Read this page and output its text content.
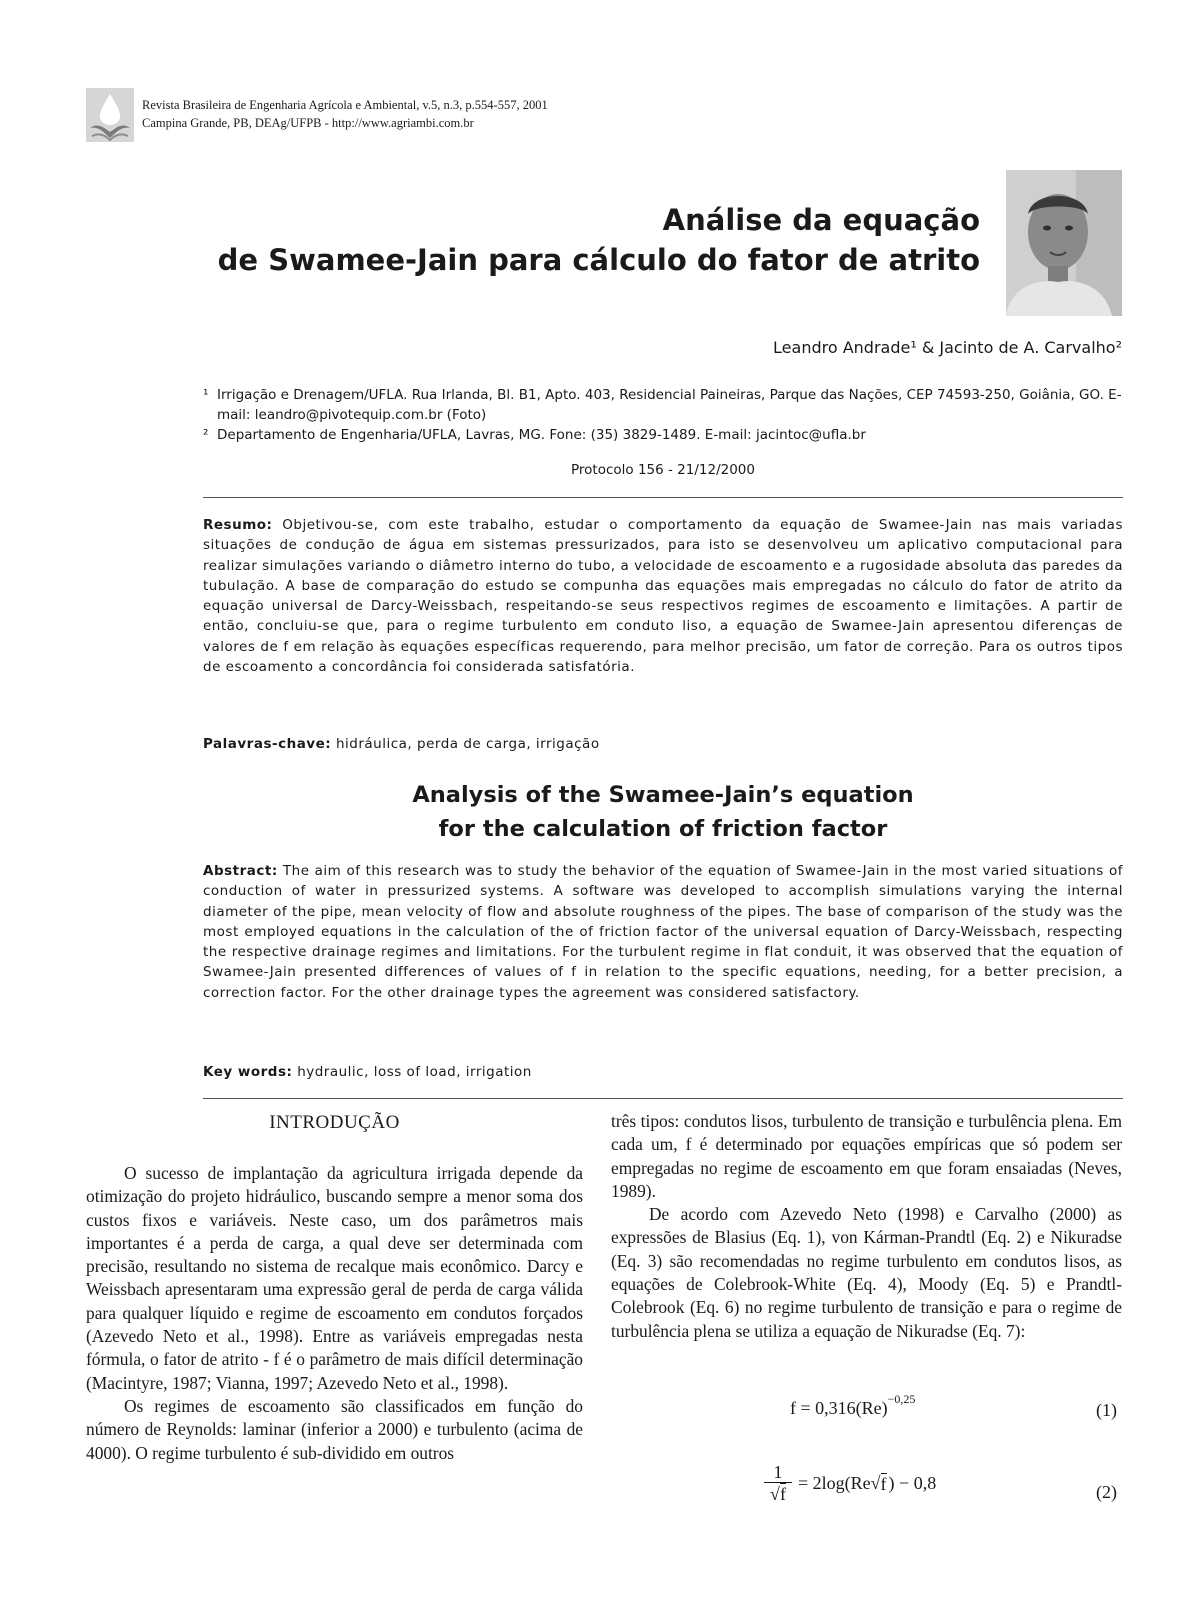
Revista Brasileira de Engenharia Agrícola e Ambiental, v.5, n.3, p.554-557, 2001
Campina Grande, PB, DEAg/UFPB - http://www.agriambi.com.br
Análise da equação
de Swamee-Jain para cálculo do fator de atrito
Leandro Andrade¹ & Jacinto de A. Carvalho²
¹ Irrigação e Drenagem/UFLA. Rua Irlanda, Bl. B1, Apto. 403, Residencial Paineiras, Parque das Nações, CEP 74593-250, Goiânia, GO. E-mail: leandro@pivotequip.com.br (Foto)
² Departamento de Engenharia/UFLA, Lavras, MG. Fone: (35) 3829-1489. E-mail: jacintoc@ufla.br
Protocolo 156 - 21/12/2000
Resumo: Objetivou-se, com este trabalho, estudar o comportamento da equação de Swamee-Jain nas mais variadas situações de condução de água em sistemas pressurizados, para isto se desenvolveu um aplicativo computacional para realizar simulações variando o diâmetro interno do tubo, a velocidade de escoamento e a rugosidade absoluta das paredes da tubulação. A base de comparação do estudo se compunha das equações mais empregadas no cálculo do fator de atrito da equação universal de Darcy-Weissbach, respeitando-se seus respectivos regimes de escoamento e limitações. A partir de então, concluiu-se que, para o regime turbulento em conduto liso, a equação de Swamee-Jain apresentou diferenças de valores de f em relação às equações específicas requerendo, para melhor precisão, um fator de correção. Para os outros tipos de escoamento a concordância foi considerada satisfatória.
Palavras-chave: hidráulica, perda de carga, irrigação
Analysis of the Swamee-Jain’s equation
for the calculation of friction factor
Abstract: The aim of this research was to study the behavior of the equation of Swamee-Jain in the most varied situations of conduction of water in pressurized systems. A software was developed to accomplish simulations varying the internal diameter of the pipe, mean velocity of flow and absolute roughness of the pipes. The base of comparison of the study was the most employed equations in the calculation of the of friction factor of the universal equation of Darcy-Weissbach, respecting the respective drainage regimes and limitations. For the turbulent regime in flat conduit, it was observed that the equation of Swamee-Jain presented differences of values of f in relation to the specific equations, needing, for a better precision, a correction factor. For the other drainage types the agreement was considered satisfactory.
Key words: hydraulic, loss of load, irrigation
INTRODUÇÃO

O sucesso de implantação da agricultura irrigada depende da otimização do projeto hidráulico, buscando sempre a menor soma dos custos fixos e variáveis. Neste caso, um dos parâmetros mais importantes é a perda de carga, a qual deve ser determinada com precisão, resultando no sistema de recalque mais econômico. Darcy e Weissbach apresentaram uma expressão geral de perda de carga válida para qualquer líquido e regime de escoamento em condutos forçados (Azevedo Neto et al., 1998). Entre as variáveis empregadas nesta fórmula, o fator de atrito - f é o parâmetro de mais difícil determinação (Macintyre, 1987; Vianna, 1997; Azevedo Neto et al., 1998).

Os regimes de escoamento são classificados em função do número de Reynolds: laminar (inferior a 2000) e turbulento (acima de 4000). O regime turbulento é sub-dividido em outros

três tipos: condutos lisos, turbulento de transição e turbulência plena. Em cada um, f é determinado por equações empíricas que só podem ser empregadas no regime de escoamento em que foram ensaiadas (Neves, 1989).

De acordo com Azevedo Neto (1998) e Carvalho (2000) as expressões de Blasius (Eq. 1), von Kárman-Prandtl (Eq. 2) e Nikuradse (Eq. 3) são recomendadas no regime turbulento em condutos lisos, as equações de Colebrook-White (Eq. 4), Moody (Eq. 5) e Prandtl-Colebrook (Eq. 6) no regime turbulento de transição e para o regime de turbulência plena se utiliza a equação de Nikuradse (Eq. 7):

$f = 0,316(Re)^{-0,25}$
(1)
1
√f
= 2log(Re √ f ) − 0,8	(2)
